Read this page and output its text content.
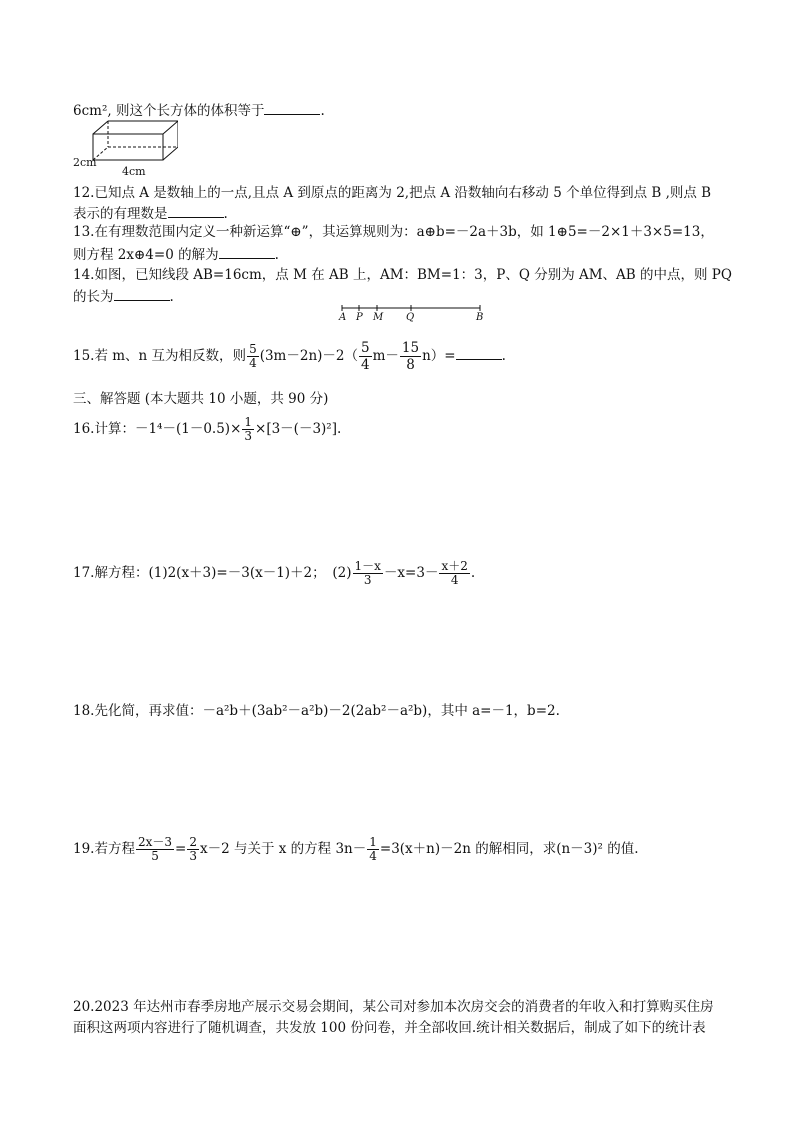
6cm², 则这个长方体的体积等于	.
2cm
4cm
12.已知点 A 是数轴上的一点,且点 A 到原点的距离为 2,把点 A 沿数轴向右移动 5 个单位得到点 B ,则点 B
表示的有理数是	.
13.在有理数范围内定义一种新运算“⊕”，其运算规则为：a⊕b=－2a＋3b，如 1⊕5=－2×1＋3×5=13，
则方程 2x⊕4=0 的解为	.
14.如图，已知线段 AB=16cm，点 M 在 AB 上，AM：BM=1：3，P、Q 分别为 AM、AB 的中点，则 PQ
的长为	.
A P M Q	B
15.若 m、n 互为相反数，则 $\frac{5}{4} (3m-2n)-2( \frac{5}{4} m- \frac{15}{8} n)=$	.
三、解答题 (本大题共 10 小题，共 90 分)
16.计算：$-1^4-(1-0.5)\times \frac{1}{3} \times[3-(-3)^2]$.
17.解方程：(1)2(x＋3)=－3(x－1)＋2；　$(2) \frac{1-x}{3} -x=3- \frac{x+2}{4}$ .
18.先化简，再求值：－a²b＋(3ab²－a²b)－2(2ab²－a²b)，其中 a=－1，b=2.
19.若方程 $\frac{2x-3}{5} = \frac{2}{3} x-2$ 与关于 x 的方程 $3n- \frac{1}{4} =3(x+n)-2n$ 的解相同，求(n－3)² 的值.
20.2023 年达州市春季房地产展示交易会期间，某公司对参加本次房交会的消费者的年收入和打算购买住房
面积这两项内容进行了随机调查，共发放 100 份问卷，并全部收回.统计相关数据后，制成了如下的统计表
